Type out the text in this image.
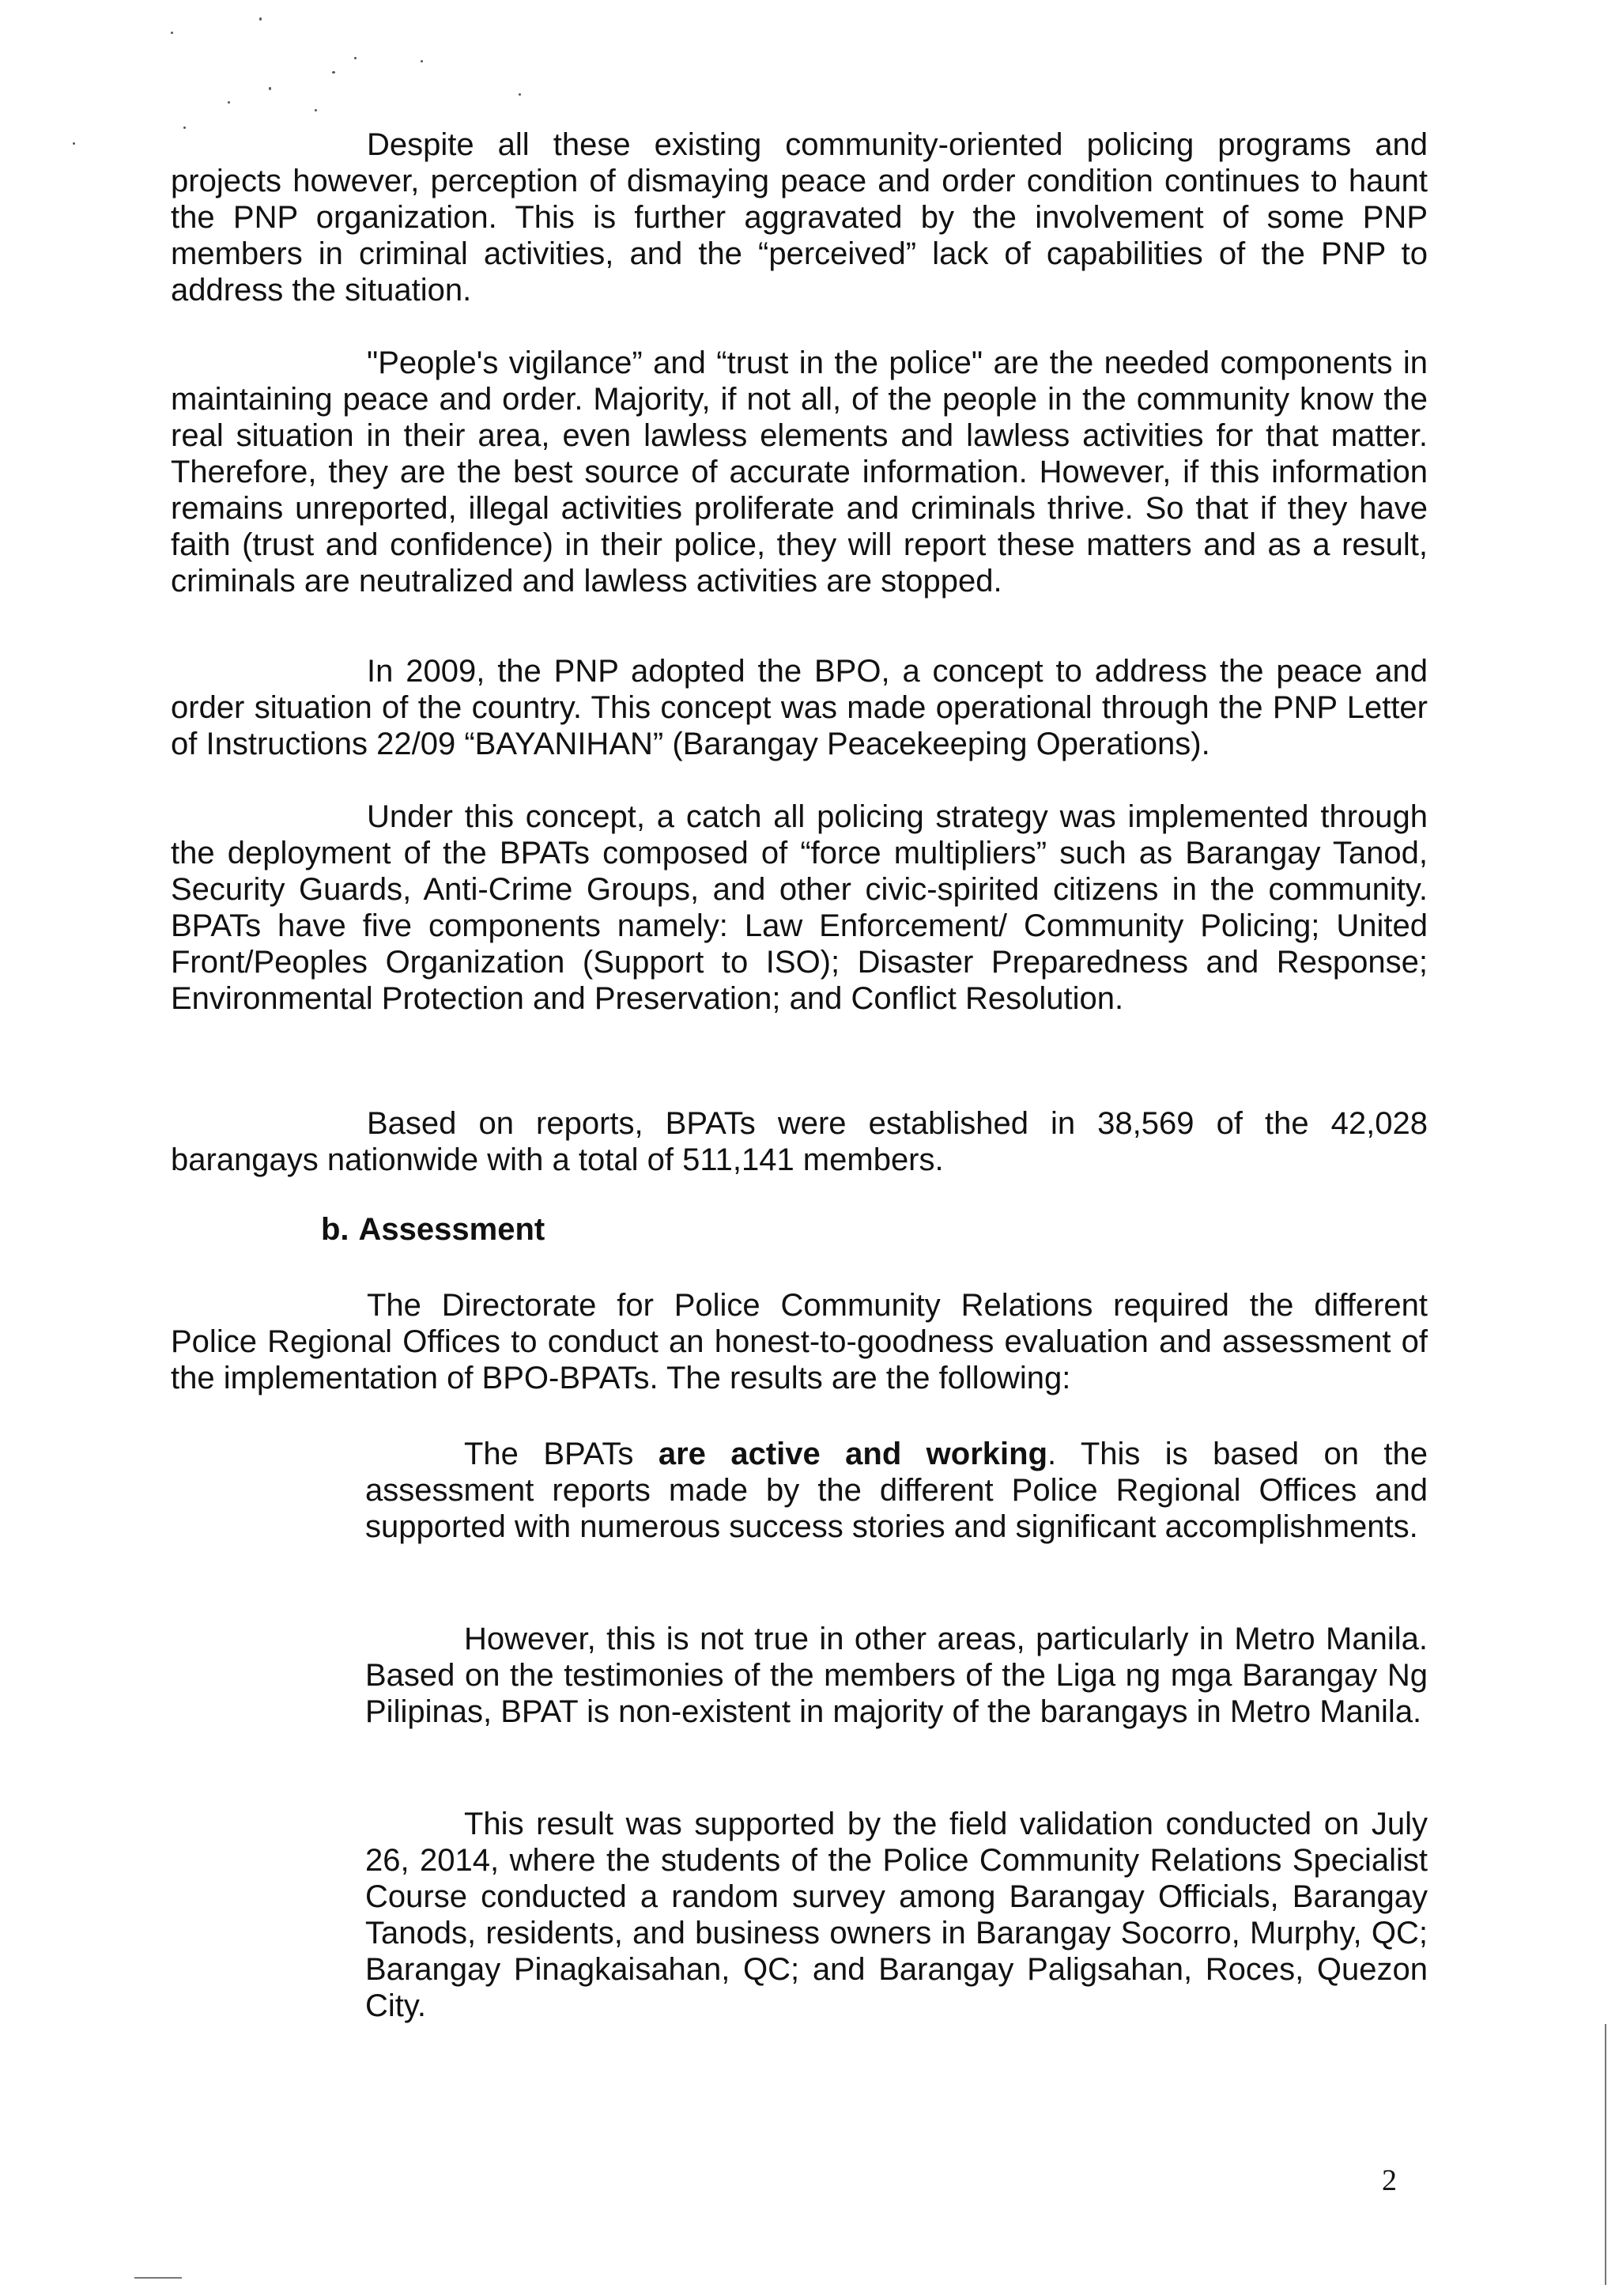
Despite all these existing community-oriented policing programs and projects however, perception of dismaying peace and order condition continues to haunt the PNP organization. This is further aggravated by the involvement of some PNP members in criminal activities, and the “perceived” lack of capabilities of the PNP to address the situation.

"People's vigilance” and “trust in the police" are the needed components in maintaining peace and order. Majority, if not all, of the people in the community know the real situation in their area, even lawless elements and lawless activities for that matter. Therefore, they are the best source of accurate information. However, if this information remains unreported, illegal activities proliferate and criminals thrive. So that if they have faith (trust and confidence) in their police, they will report these matters and as a result, criminals are neutralized and lawless activities are stopped.

In 2009, the PNP adopted the BPO, a concept to address the peace and order situation of the country. This concept was made operational through the PNP Letter of Instructions 22/09 “BAYANIHAN” (Barangay Peacekeeping Operations).

Under this concept, a catch all policing strategy was implemented through the deployment of the BPATs composed of “force multipliers” such as Barangay Tanod, Security Guards, Anti-Crime Groups, and other civic-spirited citizens in the community. BPATs have five components namely: Law Enforcement/ Community Policing; United Front/Peoples Organization (Support to ISO); Disaster Preparedness and Response; Environmental Protection and Preservation; and Conflict Resolution.

Based on reports, BPATs were established in 38,569 of the 42,028 barangays nationwide with a total of 511,141 members.

b. Assessment

The Directorate for Police Community Relations required the different Police Regional Offices to conduct an honest-to-goodness evaluation and assessment of the implementation of BPO-BPATs. The results are the following:

The BPATs are active and working. This is based on the assessment reports made by the different Police Regional Offices and supported with numerous success stories and significant accomplishments.

However, this is not true in other areas, particularly in Metro Manila. Based on the testimonies of the members of the Liga ng mga Barangay Ng Pilipinas, BPAT is non-existent in majority of the barangays in Metro Manila.

This result was supported by the field validation conducted on July 26, 2014, where the students of the Police Community Relations Specialist Course conducted a random survey among Barangay Officials, Barangay Tanods, residents, and business owners in Barangay Socorro, Murphy, QC; Barangay Pinagkaisahan, QC; and Barangay Paligsahan, Roces, Quezon City.

2
